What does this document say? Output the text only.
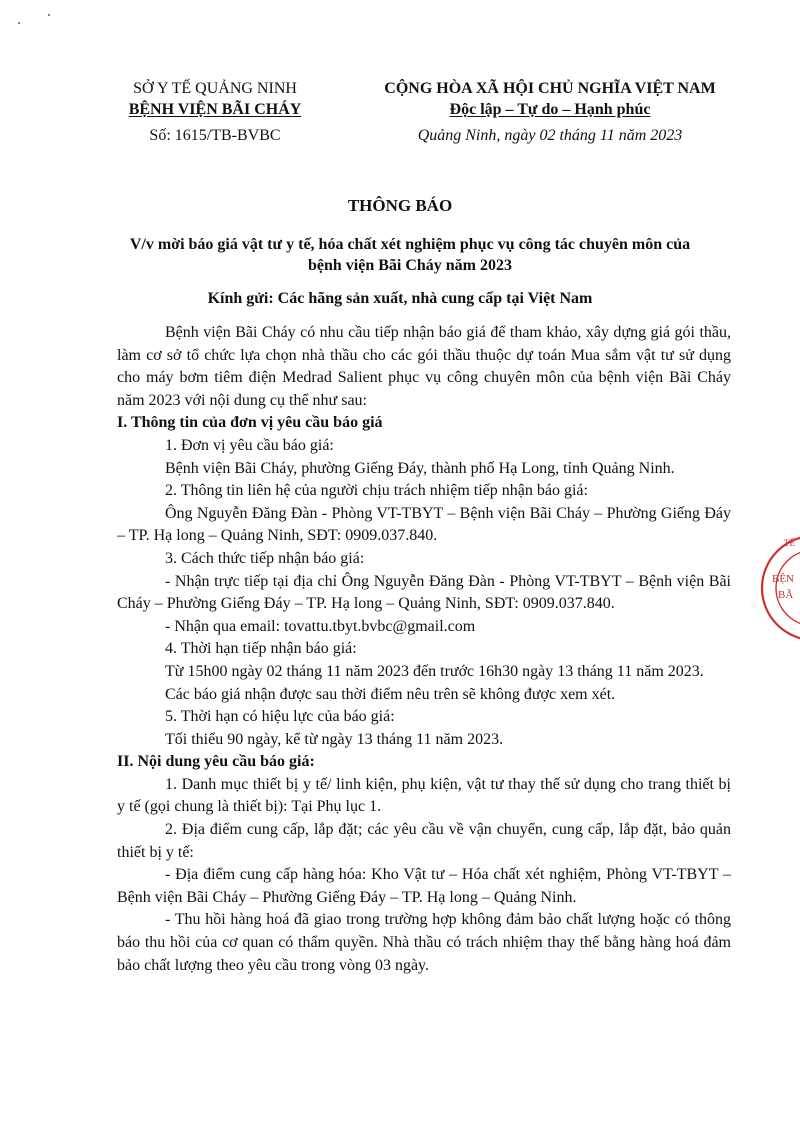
SỞ Y TẾ QUẢNG NINH
BỆNH VIỆN BÃI CHÁY
Số: 1615/TB-BVBC
CỘNG HÒA XÃ HỘI CHỦ NGHĨA VIỆT NAM
Độc lập – Tự do – Hạnh phúc
Quảng Ninh, ngày 02 tháng 11 năm 2023
THÔNG BÁO
V/v mời báo giá vật tư y tế, hóa chất xét nghiệm phục vụ công tác chuyên môn của
bệnh viện Bãi Cháy năm 2023
Kính gửi: Các hãng sản xuất, nhà cung cấp tại Việt Nam

Bệnh viện Bãi Cháy có nhu cầu tiếp nhận báo giá để tham khảo, xây dựng giá gói thầu, làm cơ sở tổ chức lựa chọn nhà thầu cho các gói thầu thuộc dự toán Mua sắm vật tư sử dụng cho máy bơm tiêm điện Medrad Salient phục vụ công chuyên môn của bệnh viện Bãi Cháy năm 2023 với nội dung cụ thể như sau:

I. Thông tin của đơn vị yêu cầu báo giá

1. Đơn vị yêu cầu báo giá:

Bệnh viện Bãi Cháy, phường Giếng Đáy, thành phố Hạ Long, tỉnh Quảng Ninh.

2. Thông tin liên hệ của người chịu trách nhiệm tiếp nhận báo giá:

Ông Nguyễn Đăng Đàn - Phòng VT-TBYT – Bệnh viện Bãi Cháy – Phường Giếng Đáy – TP. Hạ long – Quảng Ninh, SĐT: 0909.037.840.

3. Cách thức tiếp nhận báo giá:

- Nhận trực tiếp tại địa chỉ Ông Nguyễn Đăng Đàn - Phòng VT-TBYT – Bệnh viện Bãi Cháy – Phường Giếng Đáy – TP. Hạ long – Quảng Ninh, SĐT: 0909.037.840.

- Nhận qua email: tovattu.tbyt.bvbc@gmail.com

4. Thời hạn tiếp nhận báo giá:

Từ 15h00 ngày 02 tháng 11 năm 2023 đến trước 16h30 ngày 13 tháng 11 năm 2023.

Các báo giá nhận được sau thời điểm nêu trên sẽ không được xem xét.

5. Thời hạn có hiệu lực của báo giá:

Tối thiểu 90 ngày, kể từ ngày 13 tháng 11 năm 2023.

II. Nội dung yêu cầu báo giá:

1. Danh mục thiết bị y tế/ linh kiện, phụ kiện, vật tư thay thế sử dụng cho trang thiết bị y tế (gọi chung là thiết bị): Tại Phụ lục 1.

2. Địa điểm cung cấp, lắp đặt; các yêu cầu về vận chuyển, cung cấp, lắp đặt, bảo quản thiết bị y tế:

- Địa điểm cung cấp hàng hóa: Kho Vật tư – Hóa chất xét nghiệm, Phòng VT-TBYT – Bệnh viện Bãi Cháy – Phường Giếng Đáy – TP. Hạ long – Quảng Ninh.

- Thu hồi hàng hoá đã giao trong trường hợp không đảm bảo chất lượng hoặc có thông báo thu hồi của cơ quan có thẩm quyền. Nhà thầu có trách nhiệm thay thế bằng hàng hoá đảm bảo chất lượng theo yêu cầu trong vòng 03 ngày.

BỆN
BÃ
TẾ
